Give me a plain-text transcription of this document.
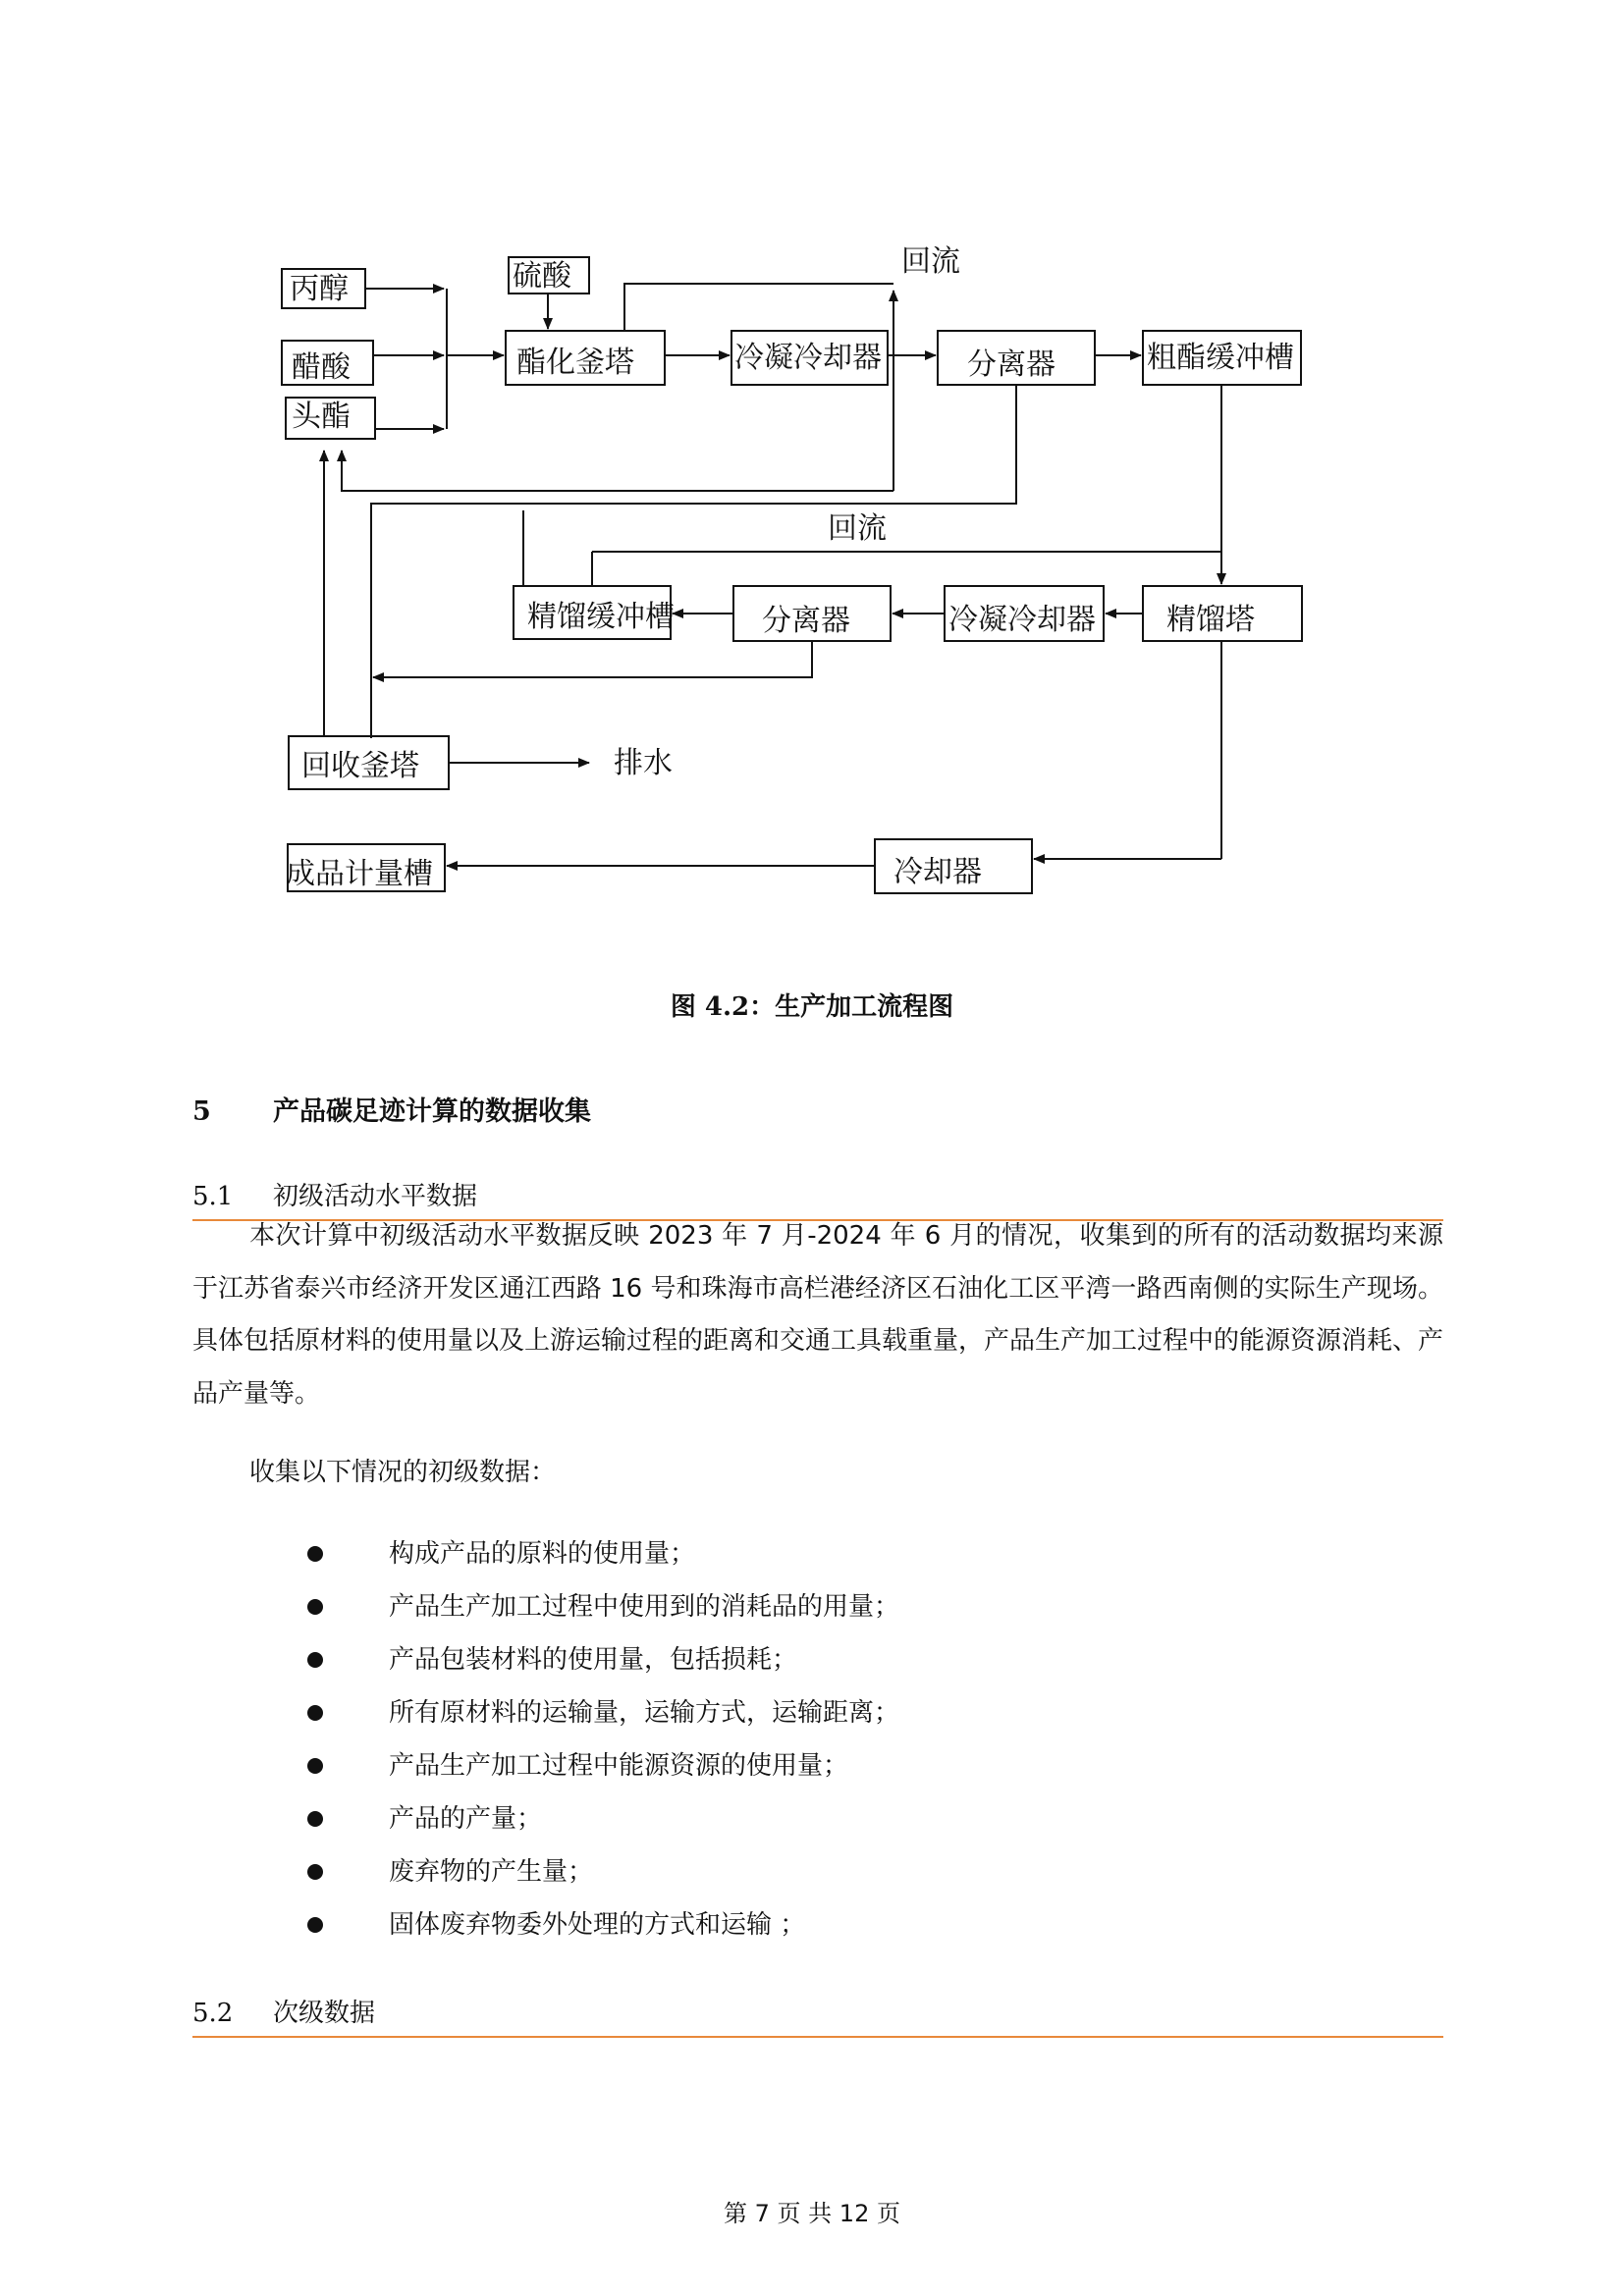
丙醇
醋酸
头酯
硫酸
酯化釜塔	冷凝冷却器	分离器	粗酯缓冲槽
精馏缓冲槽	分离器	冷凝冷却器 精馏塔
回收釜塔
成品计量槽	冷却器
排水
回流
回流
图 4.2：生产加工流程图
5 产品碳足迹计算的数据收集
5.1 初级活动水平数据

本次计算中初级活动水平数据反映 2023 年 7 月-2024 年 6 月的情况，收集到的所有的活动数据均来源于江苏省泰兴市经济开发区通江西路 16 号和珠海市高栏港经济区石油化工区平湾一路西南侧的实际生产现场。具体包括原材料的使用量以及上游运输过程的距离和交通工具载重量，产品生产加工过程中的能源资源消耗、产品产量等。

收集以下情况的初级数据：

构成产品的原料的使用量；
产品生产加工过程中使用到的消耗品的用量；
产品包装材料的使用量，包括损耗；
所有原材料的运输量，运输方式，运输距离；
产品生产加工过程中能源资源的使用量；
产品的产量；
废弃物的产生量；
固体废弃物委外处理的方式和运输 ；
5.2 次级数据
第 7 页 共 12 页
